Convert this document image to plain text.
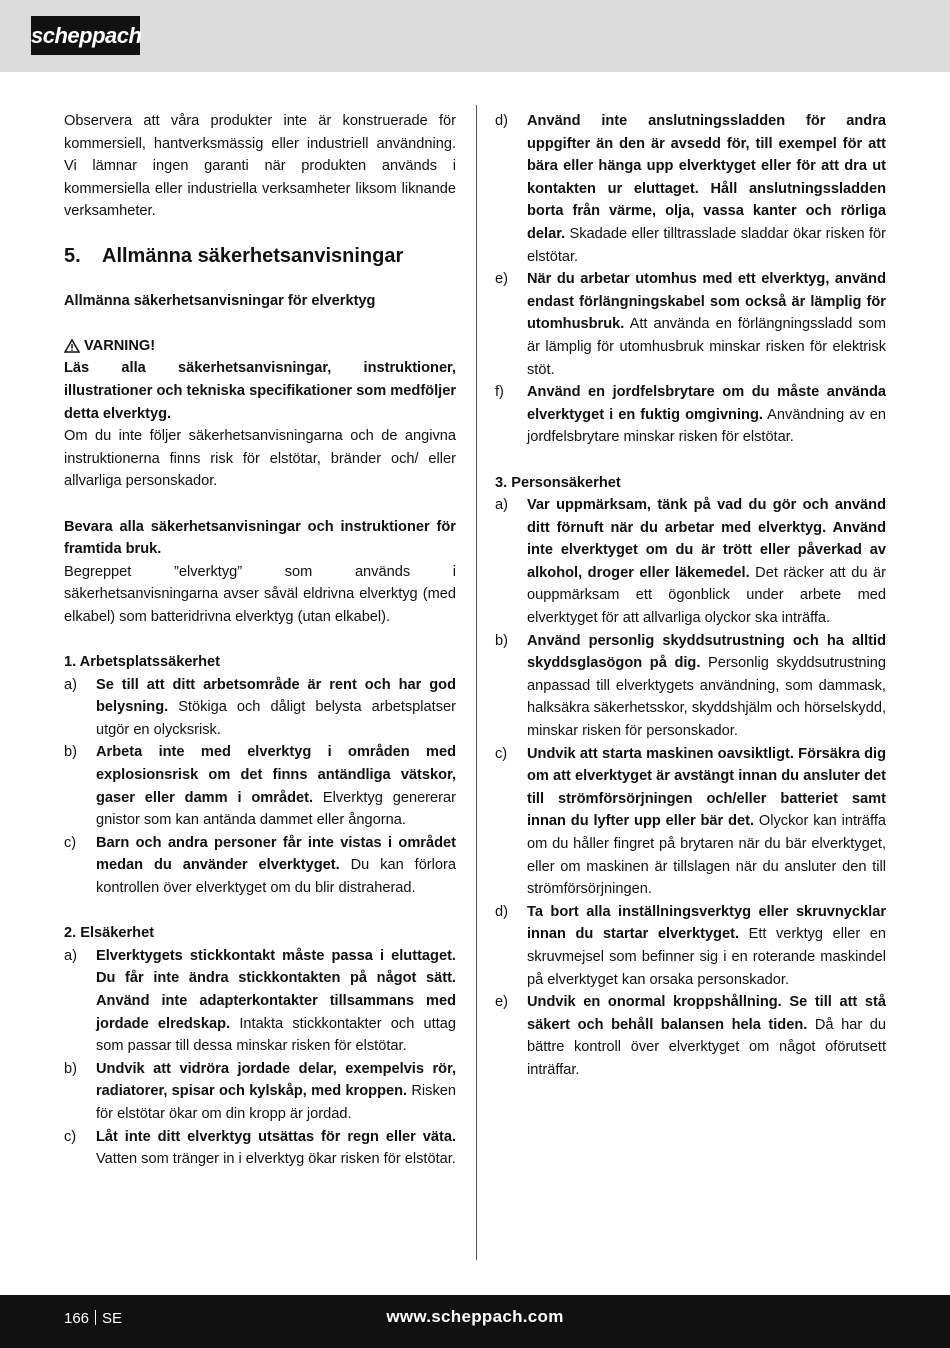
scheppach

Observera att våra produkter inte är konstruerade för kommersiell, hantverksmässig eller industriell användning. Vi lämnar ingen garanti när produkten används i kommersiella eller industriella verksamheter liksom liknande verksamheter.

5.	Allmänna säkerhetsanvisningar

Allmänna säkerhetsanvisningar för elverktyg

VARNING!

Läs alla säkerhetsanvisningar, instruktioner, illustrationer och tekniska specifikationer som medföljer detta elverktyg.

Om du inte följer säkerhetsanvisningarna och de angivna instruktionerna finns risk för elstötar, bränder och/ eller allvarliga personskador.

Bevara alla säkerhetsanvisningar och instruktioner för framtida bruk.

Begreppet ”elverktyg” som används i säkerhetsanvisningarna avser såväl eldrivna elverktyg (med elkabel) som batteridrivna elverktyg (utan elkabel).

1. Arbetsplatssäkerhet

a)	Se till att ditt arbetsområde är rent och har god belysning. Stökiga och dåligt belysta arbetsplatser utgör en olycksrisk.
b)	Arbeta inte med elverktyg i områden med explosionsrisk om det finns antändliga vätskor, gaser eller damm i området. Elverktyg genererar gnistor som kan antända dammet eller ångorna.
c)	Barn och andra personer får inte vistas i området medan du använder elverktyget. Du kan förlora kontrollen över elverktyget om du blir distraherad.

2. Elsäkerhet

a)	Elverktygets stickkontakt måste passa i eluttaget. Du får inte ändra stickkontakten på något sätt. Använd inte adapterkontakter tillsammans med jordade elredskap. Intakta stickkontakter och uttag som passar till dessa minskar risken för elstötar.
b)	Undvik att vidröra jordade delar, exempelvis rör, radiatorer, spisar och kylskåp, med kroppen. Risken för elstötar ökar om din kropp är jordad.
c)	Låt inte ditt elverktyg utsättas för regn eller väta. Vatten som tränger in i elverktyg ökar risken för elstötar.
d)	Använd inte anslutningssladden för andra uppgifter än den är avsedd för, till exempel för att bära eller hänga upp elverktyget eller för att dra ut kontakten ur eluttaget. Håll anslutningssladden borta från värme, olja, vassa kanter och rörliga delar. Skadade eller tilltrasslade sladdar ökar risken för elstötar.
e)	När du arbetar utomhus med ett elverktyg, använd endast förlängningskabel som också är lämplig för utomhusbruk. Att använda en förlängningssladd som är lämplig för utomhusbruk minskar risken för elektrisk stöt.
f)	Använd en jordfelsbrytare om du måste använda elverktyget i en fuktig omgivning. Användning av en jordfelsbrytare minskar risken för elstötar.

3. Personsäkerhet

a)	Var uppmärksam, tänk på vad du gör och använd ditt förnuft när du arbetar med elverktyg. Använd inte elverktyget om du är trött eller påverkad av alkohol, droger eller läkemedel. Det räcker att du är ouppmärksam ett ögonblick under arbete med elverktyget för att allvarliga olyckor ska inträffa.
b)	Använd personlig skyddsutrustning och ha alltid skyddsglasögon på dig. Personlig skyddsutrustning anpassad till elverktygets användning, som dammask, halksäkra säkerhetsskor, skyddshjälm och hörselskydd, minskar risken för personskador.
c)	Undvik att starta maskinen oavsiktligt. Försäkra dig om att elverktyget är avstängt innan du ansluter det till strömförsörjningen och/eller batteriet samt innan du lyfter upp eller bär det. Olyckor kan inträffa om du håller fingret på brytaren när du bär elverktyget, eller om maskinen är tillslagen när du ansluter den till strömförsörjningen.
d)	Ta bort alla inställningsverktyg eller skruvnycklar innan du startar elverktyget. Ett verktyg eller en skruvmejsel som befinner sig i en roterande maskindel på elverktyget kan orsaka personskador.
e)	Undvik en onormal kroppshållning. Se till att stå säkert och behåll balansen hela tiden. Då har du bättre kontroll över elverktyget om något oförutsett inträffar.
166 SE	www.scheppach.com
